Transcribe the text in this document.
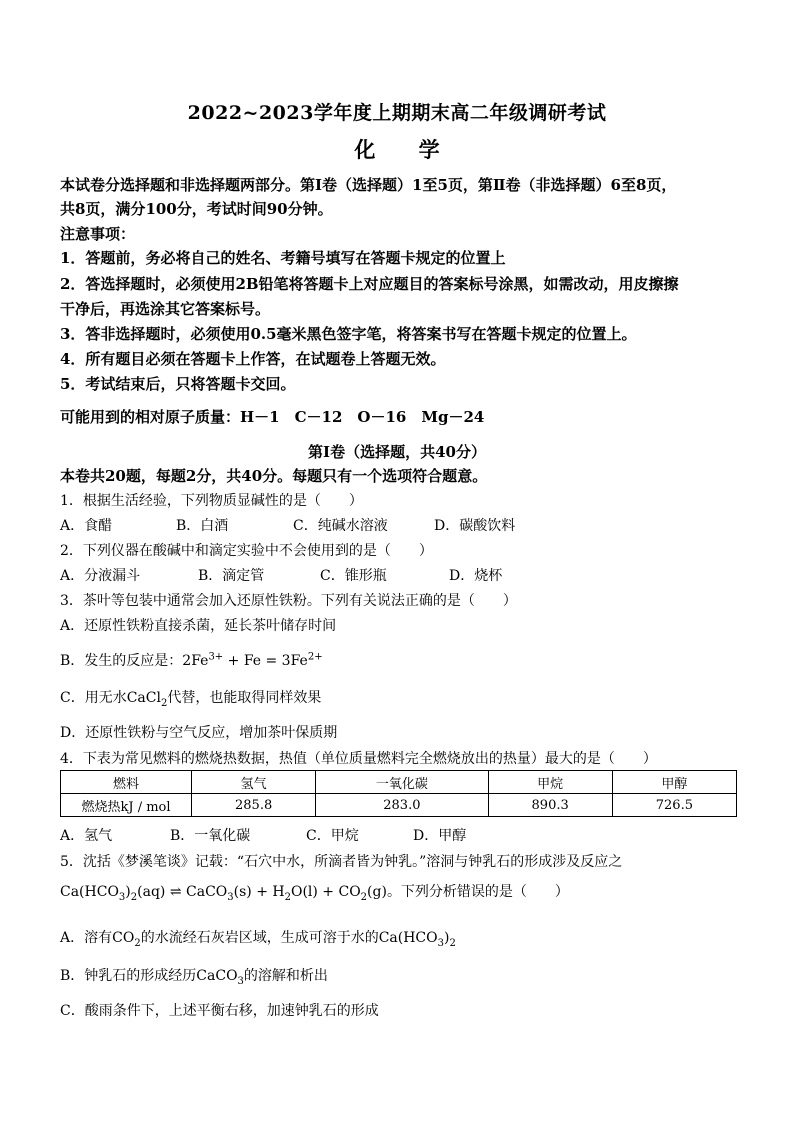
2022~2023学年度上期期末高二年级调研考试
化 学
本试卷分选择题和非选择题两部分。第Ⅰ卷（选择题）1至5页，第Ⅱ卷（非选择题）6至8页，
共8页，满分100分，考试时间90分钟。
注意事项：
1．答题前，务必将自己的姓名、考籍号填写在答题卡规定的位置上
2．答选择题时，必须使用2B铅笔将答题卡上对应题目的答案标号涂黑，如需改动，用皮擦擦
干净后，再选涂其它答案标号。
3．答非选择题时，必须使用0.5毫米黑色签字笔，将答案书写在答题卡规定的位置上。
4．所有题目必须在答题卡上作答，在试题卷上答题无效。
5．考试结束后，只将答题卡交回。
可能用到的相对原子质量：H－1　C－12　O－16　Mg－24
第Ⅰ卷（选择题，共40分）
本卷共20题，每题2分，共40分。每题只有一个选项符合题意。
1．根据生活经验，下列物质显碱性的是（　　）
A．食醋	B．白酒	C．纯碱水溶液	D．碳酸饮料
2．下列仪器在酸碱中和滴定实验中不会使用到的是（　　）
A．分液漏斗	B．滴定管	C．锥形瓶	D．烧杯
3．茶叶等包装中通常会加入还原性铁粉。下列有关说法正确的是（　　）
A．还原性铁粉直接杀菌，延长茶叶储存时间
B．发生的反应是：$2Fe^{3+} + Fe = 3Fe^{2+}$
C．用无水CaCl$_2$代替，也能取得同样效果
D．还原性铁粉与空气反应，增加茶叶保质期
4．下表为常见燃料的燃烧热数据，热值（单位质量燃料完全燃烧放出的热量）最大的是（　　）
燃料	氢气	一氧化碳	甲烷	甲醇
燃烧热kJ / mol	285.8	283.0	890.3	726.5
A．氢气	B．一氧化碳	C．甲烷	D．甲醇
5．沈括《梦溪笔谈》记载：“石穴中水，所滴者皆为钟乳。”溶洞与钟乳石的形成涉及反应之
$Ca(HCO_3)_2(aq)$ ⇌ CaCO$_3$(s) + $H_2O(l) + CO_2(g)$。下列分析错误的是（　　）
A．溶有$CO_2$的水流经石灰岩区域，生成可溶于水的$Ca(HCO_3)_2$
B．钟乳石的形成经历CaCO$_3$的溶解和析出
C．酸雨条件下，上述平衡右移，加速钟乳石的形成
